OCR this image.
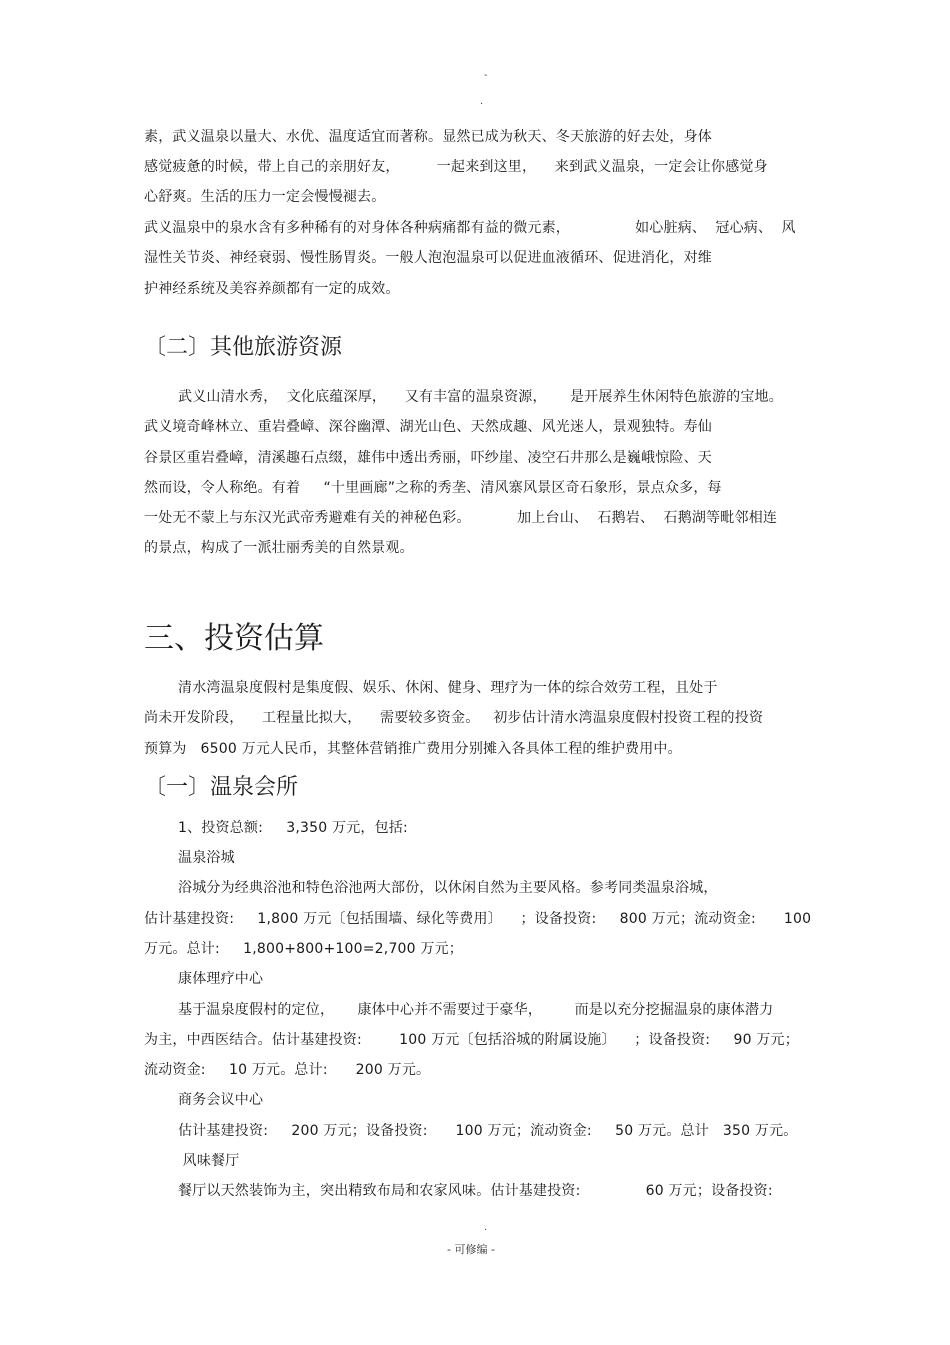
-
.
素，武义温泉以量大、水优、温度适宜而著称。显然已成为秋天、冬天旅游的好去处，身体
感觉疲惫的时候，带上自己的亲朋好友，        一起来到这里，    来到武义温泉，一定会让你感觉身
心舒爽。生活的压力一定会慢慢褪去。
武义温泉中的泉水含有多种稀有的对身体各种病痛都有益的微元素，              如心脏病、  冠心病、  风
湿性关节炎、神经衰弱、慢性肠胃炎。一般人泡泡温泉可以促进血液循环、促进消化，对维
护神经系统及美容养颜都有一定的成效。
〔二〕其他旅游资源
武义山清水秀，  文化底蕴深厚，    又有丰富的温泉资源，     是开展养生休闲特色旅游的宝地。
武义境奇峰林立、重岩叠嶂、深谷幽潭、湖光山色、天然成趣、风光迷人，景观独特。寿仙
谷景区重岩叠嶂，清溪趣石点缀，雄伟中透出秀丽，吓纱崖、凌空石井那么是巍峨惊险、天
然而设，令人称绝。有着     “十里画廊”之称的秀垄、清风寨风景区奇石象形，景点众多，每
一处无不蒙上与东汉光武帝秀避难有关的神秘色彩。          加上台山、  石鹅岩、  石鹅湖等毗邻相连
的景点，构成了一派壮丽秀美的自然景观。
三、投资估算
清水湾温泉度假村是集度假、娱乐、休闲、健身、理疗为一体的综合效劳工程，且处于
尚未开发阶段，    工程量比拟大，    需要较多资金。   初步估计清水湾温泉度假村投资工程的投资
预算为   6500 万元人民币，其整体营销推广费用分别摊入各具体工程的维护费用中。
〔一〕温泉会所
1、投资总额:     3,350 万元，包括:
温泉浴城
浴城分为经典浴池和特色浴池两大部份，以休闲自然为主要风格。参考同类温泉浴城，
估计基建投资:     1,800 万元〔包括围墙、绿化等费用〕    ；设备投资:     800 万元；流动资金:      100
万元。总计:     1,800+800+100=2,700 万元；
康体理疗中心
基于温泉度假村的定位，     康体中心并不需要过于豪华，       而是以充分挖掘温泉的康体潜力
为主，中西医结合。估计基建投资:        100 万元〔包括浴城的附属设施〕    ；设备投资:     90 万元；
流动资金:     10 万元。总计:      200 万元。
商务会议中心
估计基建投资:     200 万元；设备投资:      100 万元；流动资金:     50 万元。总计   350 万元。
风味餐厅
餐厅以天然装饰为主，突出精致布局和农家风味。估计基建投资:              60 万元；设备投资:
.
- 可修编 -
